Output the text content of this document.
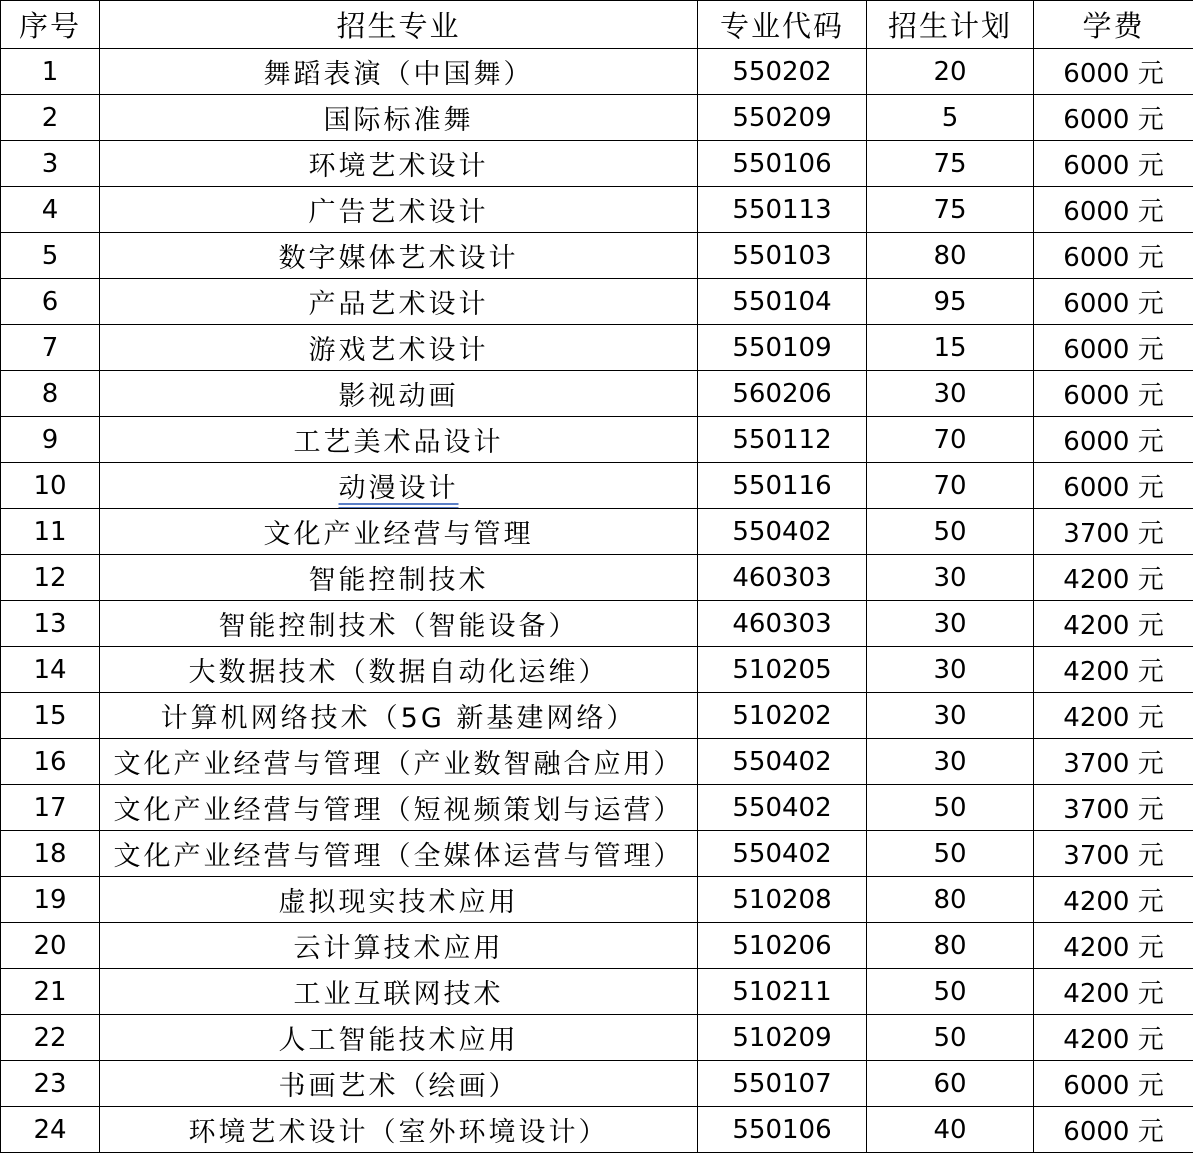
序号	招生专业	专业代码	招生计划	学费
1	舞蹈表演（中国舞）	550202	20	6000 元
2	国际标准舞	550209	5	6000 元
3	环境艺术设计	550106	75	6000 元
4	广告艺术设计	550113	75	6000 元
5	数字媒体艺术设计	550103	80	6000 元
6	产品艺术设计	550104	95	6000 元
7	游戏艺术设计	550109	15	6000 元
8	影视动画	560206	30	6000 元
9	工艺美术品设计	550112	70	6000 元
10	动漫设计	550116	70	6000 元
11	文化产业经营与管理	550402	50	3700 元
12	智能控制技术	460303	30	4200 元
13	智能控制技术（智能设备）	460303	30	4200 元
14	大数据技术（数据自动化运维）	510205	30	4200 元
15	计算机网络技术（5G 新基建网络）	510202	30	4200 元
16	文化产业经营与管理（产业数智融合应用）	550402	30	3700 元
17	文化产业经营与管理（短视频策划与运营）	550402	50	3700 元
18	文化产业经营与管理（全媒体运营与管理）	550402	50	3700 元
19	虚拟现实技术应用	510208	80	4200 元
20	云计算技术应用	510206	80	4200 元
21	工业互联网技术	510211	50	4200 元
22	人工智能技术应用	510209	50	4200 元
23	书画艺术（绘画）	550107	60	6000 元
24	环境艺术设计（室外环境设计）	550106	40	6000 元
